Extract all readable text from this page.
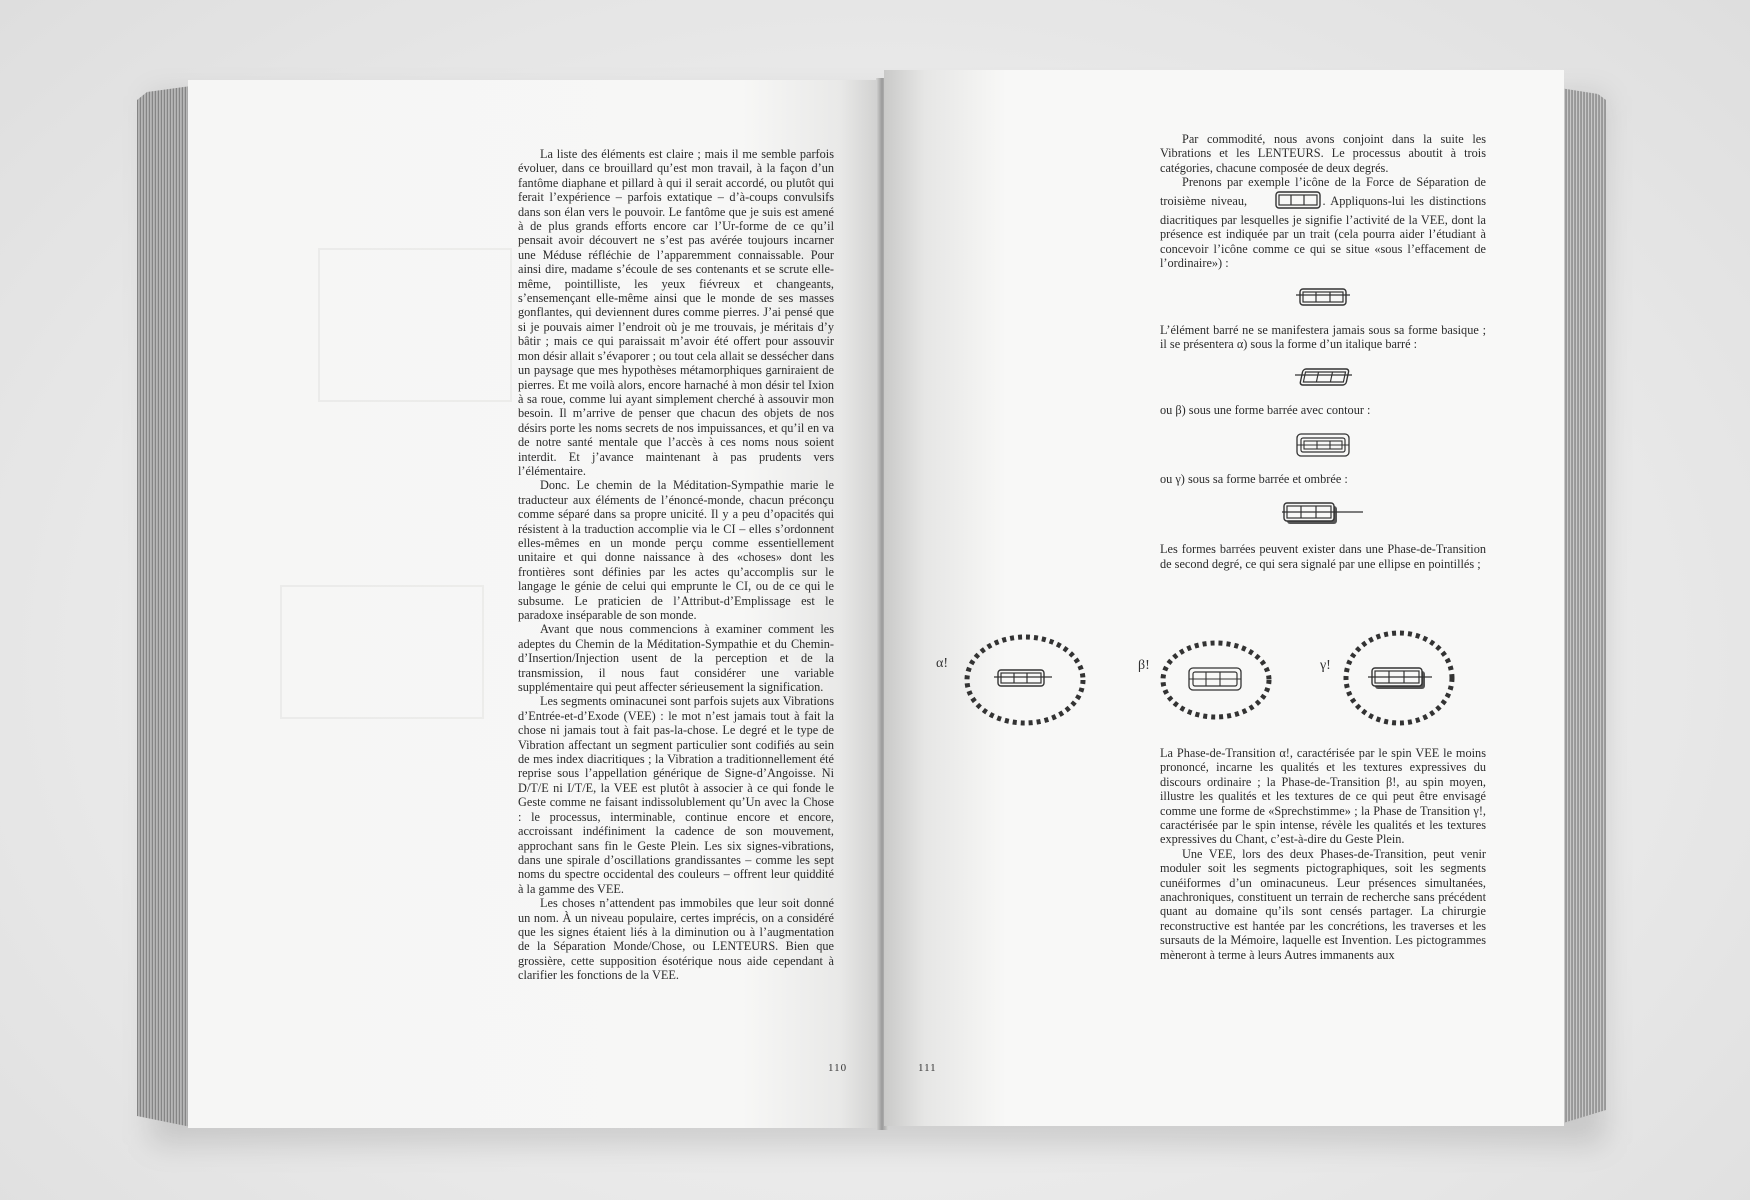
La liste des éléments est claire ; mais il me semble parfois évoluer, dans ce brouillard qu’est mon travail, à la façon d’un fantôme diaphane et pillard à qui il serait accordé, ou plutôt qui ferait l’expérience – parfois extatique – d’à-coups convulsifs dans son élan vers le pouvoir. Le fantôme que je suis est amené à de plus grands efforts encore car l’Ur-forme de ce qu’il pensait avoir découvert ne s’est pas avérée toujours incarner une Méduse réfléchie de l’apparemment connaissable. Pour ainsi dire, madame s’écoule de ses contenants et se scrute elle-même, pointilliste, les yeux fiévreux et changeants, s’ensemençant elle-même ainsi que le monde de ses masses gonflantes, qui deviennent dures comme pierres. J’ai pensé que si je pouvais aimer l’endroit où je me trouvais, je méritais d’y bâtir ; mais ce qui paraissait m’avoir été offert pour assouvir mon désir allait s’évaporer ; ou tout cela allait se dessécher dans un paysage que mes hypothèses métamorphiques garniraient de pierres. Et me voilà alors, encore harnaché à mon désir tel Ixion à sa roue, comme lui ayant simplement cherché à assouvir mon besoin. Il m’arrive de penser que chacun des objets de nos désirs porte les noms secrets de nos impuissances, et qu’il en va de notre santé mentale que l’accès à ces noms nous soient interdit. Et j’avance maintenant à pas prudents vers l’élémentaire.

Donc. Le chemin de la Méditation-Sympathie marie le traducteur aux éléments de l’énoncé-monde, chacun préconçu comme séparé dans sa propre unicité. Il y a peu d’opacités qui résistent à la traduction accomplie via le CI – elles s’ordonnent elles-mêmes en un monde perçu comme essentiellement unitaire et qui donne naissance à des «choses» dont les frontières sont définies par les actes qu’accomplis sur le langage le génie de celui qui emprunte le CI, ou de ce qui le subsume. Le praticien de l’Attribut-d’Emplissage est le paradoxe inséparable de son monde.

Avant que nous commencions à examiner comment les adeptes du Chemin de la Méditation-Sympathie et du Chemin-d’Insertion/Injection usent de la perception et de la transmission, il nous faut considérer une variable supplémentaire qui peut affecter sérieusement la signification.

Les segments ominacunei sont parfois sujets aux Vibrations d’Entrée-et-d’Exode (VEE) : le mot n’est jamais tout à fait la chose ni jamais tout à fait pas-la-chose. Le degré et le type de Vibration affectant un segment particulier sont codifiés au sein de mes index diacritiques ; la Vibration a traditionnellement été reprise sous l’appellation générique de Signe-d’Angoisse. Ni D/T/E ni I/T/E, la VEE est plutôt à associer à ce qui fonde le Geste comme ne faisant indissolublement qu’Un avec la Chose : le processus, interminable, continue encore et encore, accroissant indéfiniment la cadence de son mouvement, approchant sans fin le Geste Plein. Les six signes-vibrations, dans une spirale d’oscillations grandissantes – comme les sept noms du spectre occidental des couleurs – offrent leur quiddité à la gamme des VEE.

Les choses n’attendent pas immobiles que leur soit donné un nom. À un niveau populaire, certes imprécis, on a considéré que les signes étaient liés à la diminution ou à l’augmentation de la Séparation Monde/Chose, ou LENTEURS. Bien que grossière, cette supposition ésotérique nous aide cependant à clarifier les fonctions de la VEE.

110

Par commodité, nous avons conjoint dans la suite les Vibrations et les LENTEURS. Le processus aboutit à trois catégories, chacune composée de deux degrés.

Prenons par exemple l’icône de la Force de Séparation de troisième niveau,	. Appliquons-lui les distinctions diacritiques par lesquelles je signifie l’activité de la VEE, dont la présence est indiquée par un trait (cela pourra aider l’étudiant à concevoir l’icône comme ce qui se situe «sous l’effacement de l’ordinaire») :

L’élément barré ne se manifestera jamais sous sa forme basique ; il se présentera α) sous la forme d’un italique barré :

ou β) sous une forme barrée avec contour :

ou γ) sous sa forme barrée et ombrée :

Les formes barrées peuvent exister dans une Phase-de-Transition de second degré, ce qui sera signalé par une ellipse en pointillés ;

α!	β!	γ!

La Phase-de-Transition α!, caractérisée par le spin VEE le moins prononcé, incarne les qualités et les textures expressives du discours ordinaire ; la Phase-de-Transition β!, au spin moyen, illustre les qualités et les textures de ce qui peut être envisagé comme une forme de «Sprechstimme» ; la Phase de Transition γ!, caractérisée par le spin intense, révèle les qualités et les textures expressives du Chant, c’est-à-dire du Geste Plein.

Une VEE, lors des deux Phases-de-Transition, peut venir moduler soit les segments pictographiques, soit les segments cunéiformes d’un ominacuneus. Leur présences simultanées, anachroniques, constituent un terrain de recherche sans précédent quant au domaine qu’ils sont censés partager. La chirurgie reconstructive est hantée par les concrétions, les traverses et les sursauts de la Mémoire, laquelle est Invention. Les pictogrammes mèneront à terme à leurs Autres immanents aux

111
